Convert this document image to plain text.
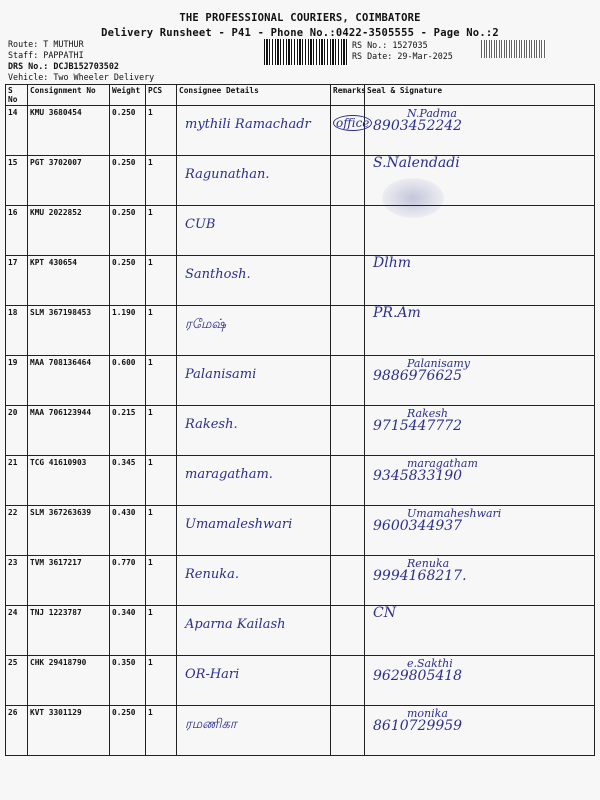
THE PROFESSIONAL COURIERS, COIMBATORE
Delivery Runsheet - P41 - Phone No.:0422-3505555 - Page No.:2
Route: T MUTHUR
Staff: PAPPATHI
DRS No.: DCJB152703502
Vehicle: Two Wheeler Delivery
RS No.: 1527035
RS Date: 29-Mar-2025
S No	Consignment No	Weight	PCS	Consignee Details	Remarks	Seal & Signature
14	KMU 3680454	0.250	1	mythili Ramachadr	office	N.Padma
8903452242

15	PGT 3702007	0.250	1	Ragunathan.		S.Nalendadi

16	KMU 2022852	0.250	1	CUB		

17	KPT 430654	0.250	1	Santhosh.		Dlhm

18	SLM 367198453	1.190	1	ரமேஷ்		PR.Am

19	MAA 708136464	0.600	1	Palanisami		Palanisamy
9886976625

20	MAA 706123944	0.215	1	Rakesh.		Rakesh
9715447772

21	TCG 41610903	0.345	1	maragatham.		maragatham
9345833190

22	SLM 367263639	0.430	1	Umamaleshwari		Umamaheshwari
9600344937

23	TVM 3617217	0.770	1	Renuka.		Renuka
9994168217.

24	TNJ 1223787	0.340	1	Aparna Kailash		CN

25	CHK 29418790	0.350	1	OR-Hari		e.Sakthi
9629805418

26	KVT 3301129	0.250	1	ரமணிகா		monika
8610729959
